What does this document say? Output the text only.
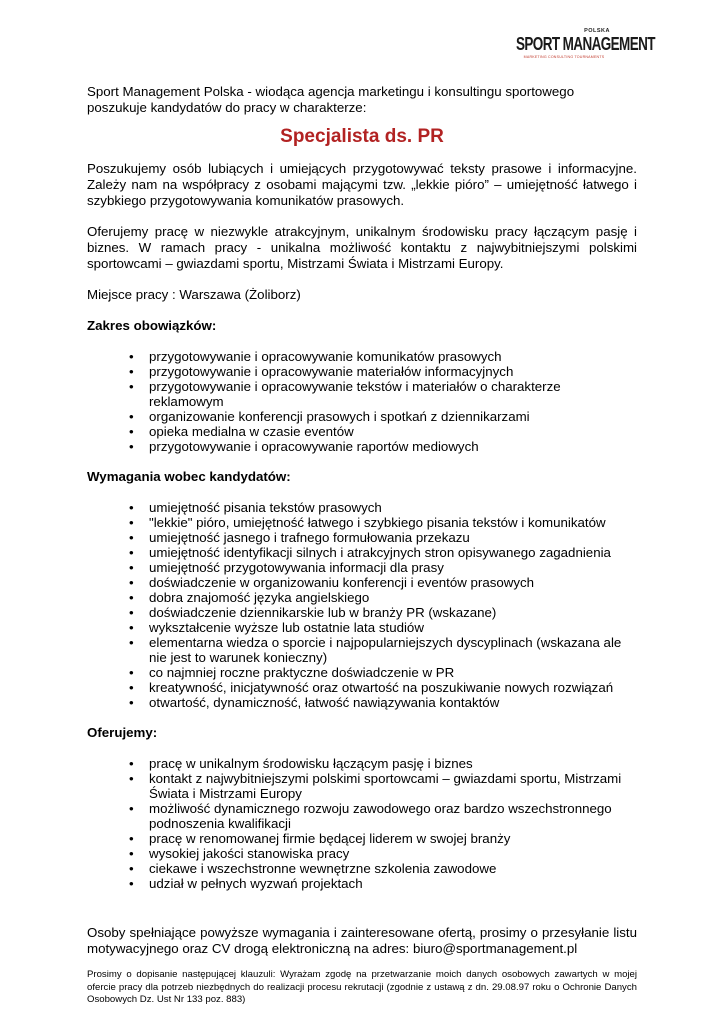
POLSKA
SPORT MANAGEMENT
MARKETING CONSULTING TOURNAMENTS

Sport Management Polska - wiodąca agencja marketingu i konsultingu sportowego poszukuje kandydatów do pracy w charakterze:

Specjalista ds. PR

Poszukujemy osób lubiących i umiejących przygotowywać teksty prasowe i informacyjne. Zależy nam na współpracy z osobami mającymi tzw. „lekkie pióro” – umiejętność łatwego i szybkiego przygotowywania komunikatów prasowych.

Oferujemy pracę w niezwykle atrakcyjnym, unikalnym środowisku pracy łączącym pasję i biznes. W ramach pracy - unikalna możliwość kontaktu z najwybitniejszymi polskimi sportowcami – gwiazdami sportu, Mistrzami Świata i Mistrzami Europy.

Miejsce pracy : Warszawa (Żoliborz)

Zakres obowiązków:
• przygotowywanie i opracowywanie komunikatów prasowych
• przygotowywanie i opracowywanie materiałów informacyjnych
• przygotowywanie i opracowywanie tekstów i materiałów o charakterze reklamowym
• organizowanie konferencji prasowych i spotkań z dziennikarzami
• opieka medialna w czasie eventów
• przygotowywanie i opracowywanie raportów mediowych
Wymagania wobec kandydatów:
• umiejętność pisania tekstów prasowych
• "lekkie" pióro, umiejętność łatwego i szybkiego pisania tekstów i komunikatów
• umiejętność jasnego i trafnego formułowania przekazu
• umiejętność identyfikacji silnych i atrakcyjnych stron opisywanego zagadnienia
• umiejętność przygotowywania informacji dla prasy
• doświadczenie w organizowaniu konferencji i eventów prasowych
• dobra znajomość języka angielskiego
• doświadczenie dziennikarskie lub w branży PR (wskazane)
• wykształcenie wyższe lub ostatnie lata studiów
• elementarna wiedza o sporcie i najpopularniejszych dyscyplinach (wskazana ale nie jest to warunek konieczny)
• co najmniej roczne praktyczne doświadczenie w PR
• kreatywność, inicjatywność oraz otwartość na poszukiwanie nowych rozwiązań
• otwartość, dynamiczność, łatwość nawiązywania kontaktów
Oferujemy:
• pracę w unikalnym środowisku łączącym pasję i biznes
• kontakt z najwybitniejszymi polskimi sportowcami – gwiazdami sportu, Mistrzami Świata i Mistrzami Europy
• możliwość dynamicznego rozwoju zawodowego oraz bardzo wszechstronnego podnoszenia kwalifikacji
• pracę w renomowanej firmie będącej liderem w swojej branży
• wysokiej jakości stanowiska pracy
• ciekawe i wszechstronne wewnętrzne szkolenia zawodowe
• udział w pełnych wyzwań projektach

Osoby spełniające powyższe wymagania i zainteresowane ofertą, prosimy o przesyłanie listu motywacyjnego oraz CV drogą elektroniczną na adres: biuro@sportmanagement.pl

Prosimy o dopisanie następującej klauzuli: Wyrażam zgodę na przetwarzanie moich danych osobowych zawartych w mojej ofercie pracy dla potrzeb niezbędnych do realizacji procesu rekrutacji (zgodnie z ustawą z dn. 29.08.97 roku o Ochronie Danych Osobowych Dz. Ust Nr 133 poz. 883)
